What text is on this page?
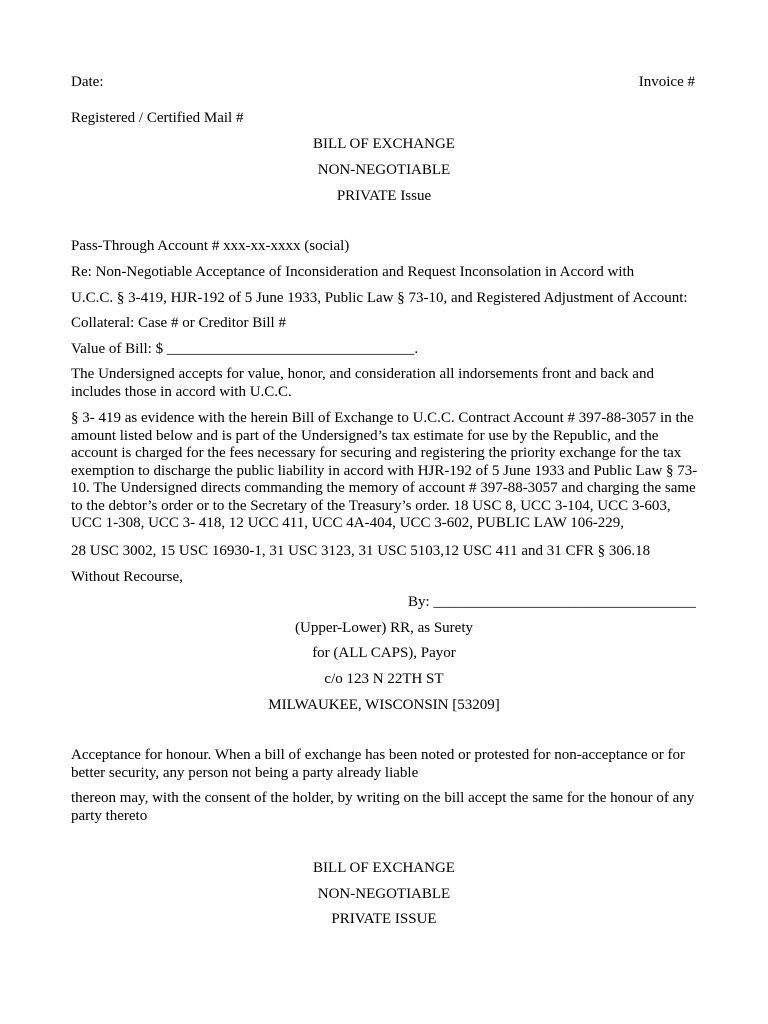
Date:	Invoice #
Registered / Certified Mail #
BILL OF EXCHANGE
NON-NEGOTIABLE
PRIVATE Issue
Pass-Through Account # xxx-xx-xxxx (social)
Re: Non-Negotiable Acceptance of Inconsideration and Request Inconsolation in Accord with
U.C.C. § 3-419, HJR-192 of 5 June 1933, Public Law § 73-10, and Registered Adjustment of Account:
Collateral: Case # or Creditor Bill #
Value of Bill: $ _________________________________.
The Undersigned accepts for value, honor, and consideration all indorsements front and back and includes those in accord with U.C.C.
§ 3- 419 as evidence with the herein Bill of Exchange to U.C.C. Contract Account # 397-88-3057 in the amount listed below and is part of the Undersigned’s tax estimate for use by the Republic, and the account is charged for the fees necessary for securing and registering the priority exchange for the tax exemption to discharge the public liability in accord with HJR-192 of 5 June 1933 and Public Law § 73-10. The Undersigned directs commanding the memory of account # 397-88-3057 and charging the same to the debtor’s order or to the Secretary of the Treasury’s order. 18 USC 8, UCC 3-104, UCC 3-603, UCC 1-308, UCC 3- 418, 12 UCC 411, UCC 4A-404, UCC 3-602, PUBLIC LAW 106-229,
28 USC 3002, 15 USC 16930-1, 31 USC 3123, 31 USC 5103,12 USC 411 and 31 CFR § 306.18
Without Recourse,
By: ___________________________________
(Upper-Lower) RR, as Surety
for (ALL CAPS), Payor
c/o 123 N 22TH ST
MILWAUKEE, WISCONSIN [53209]
Acceptance for honour. When a bill of exchange has been noted or protested for non-acceptance or for better security, any person not being a party already liable
thereon may, with the consent of the holder, by writing on the bill accept the same for the honour of any party thereto
BILL OF EXCHANGE
NON-NEGOTIABLE
PRIVATE ISSUE
